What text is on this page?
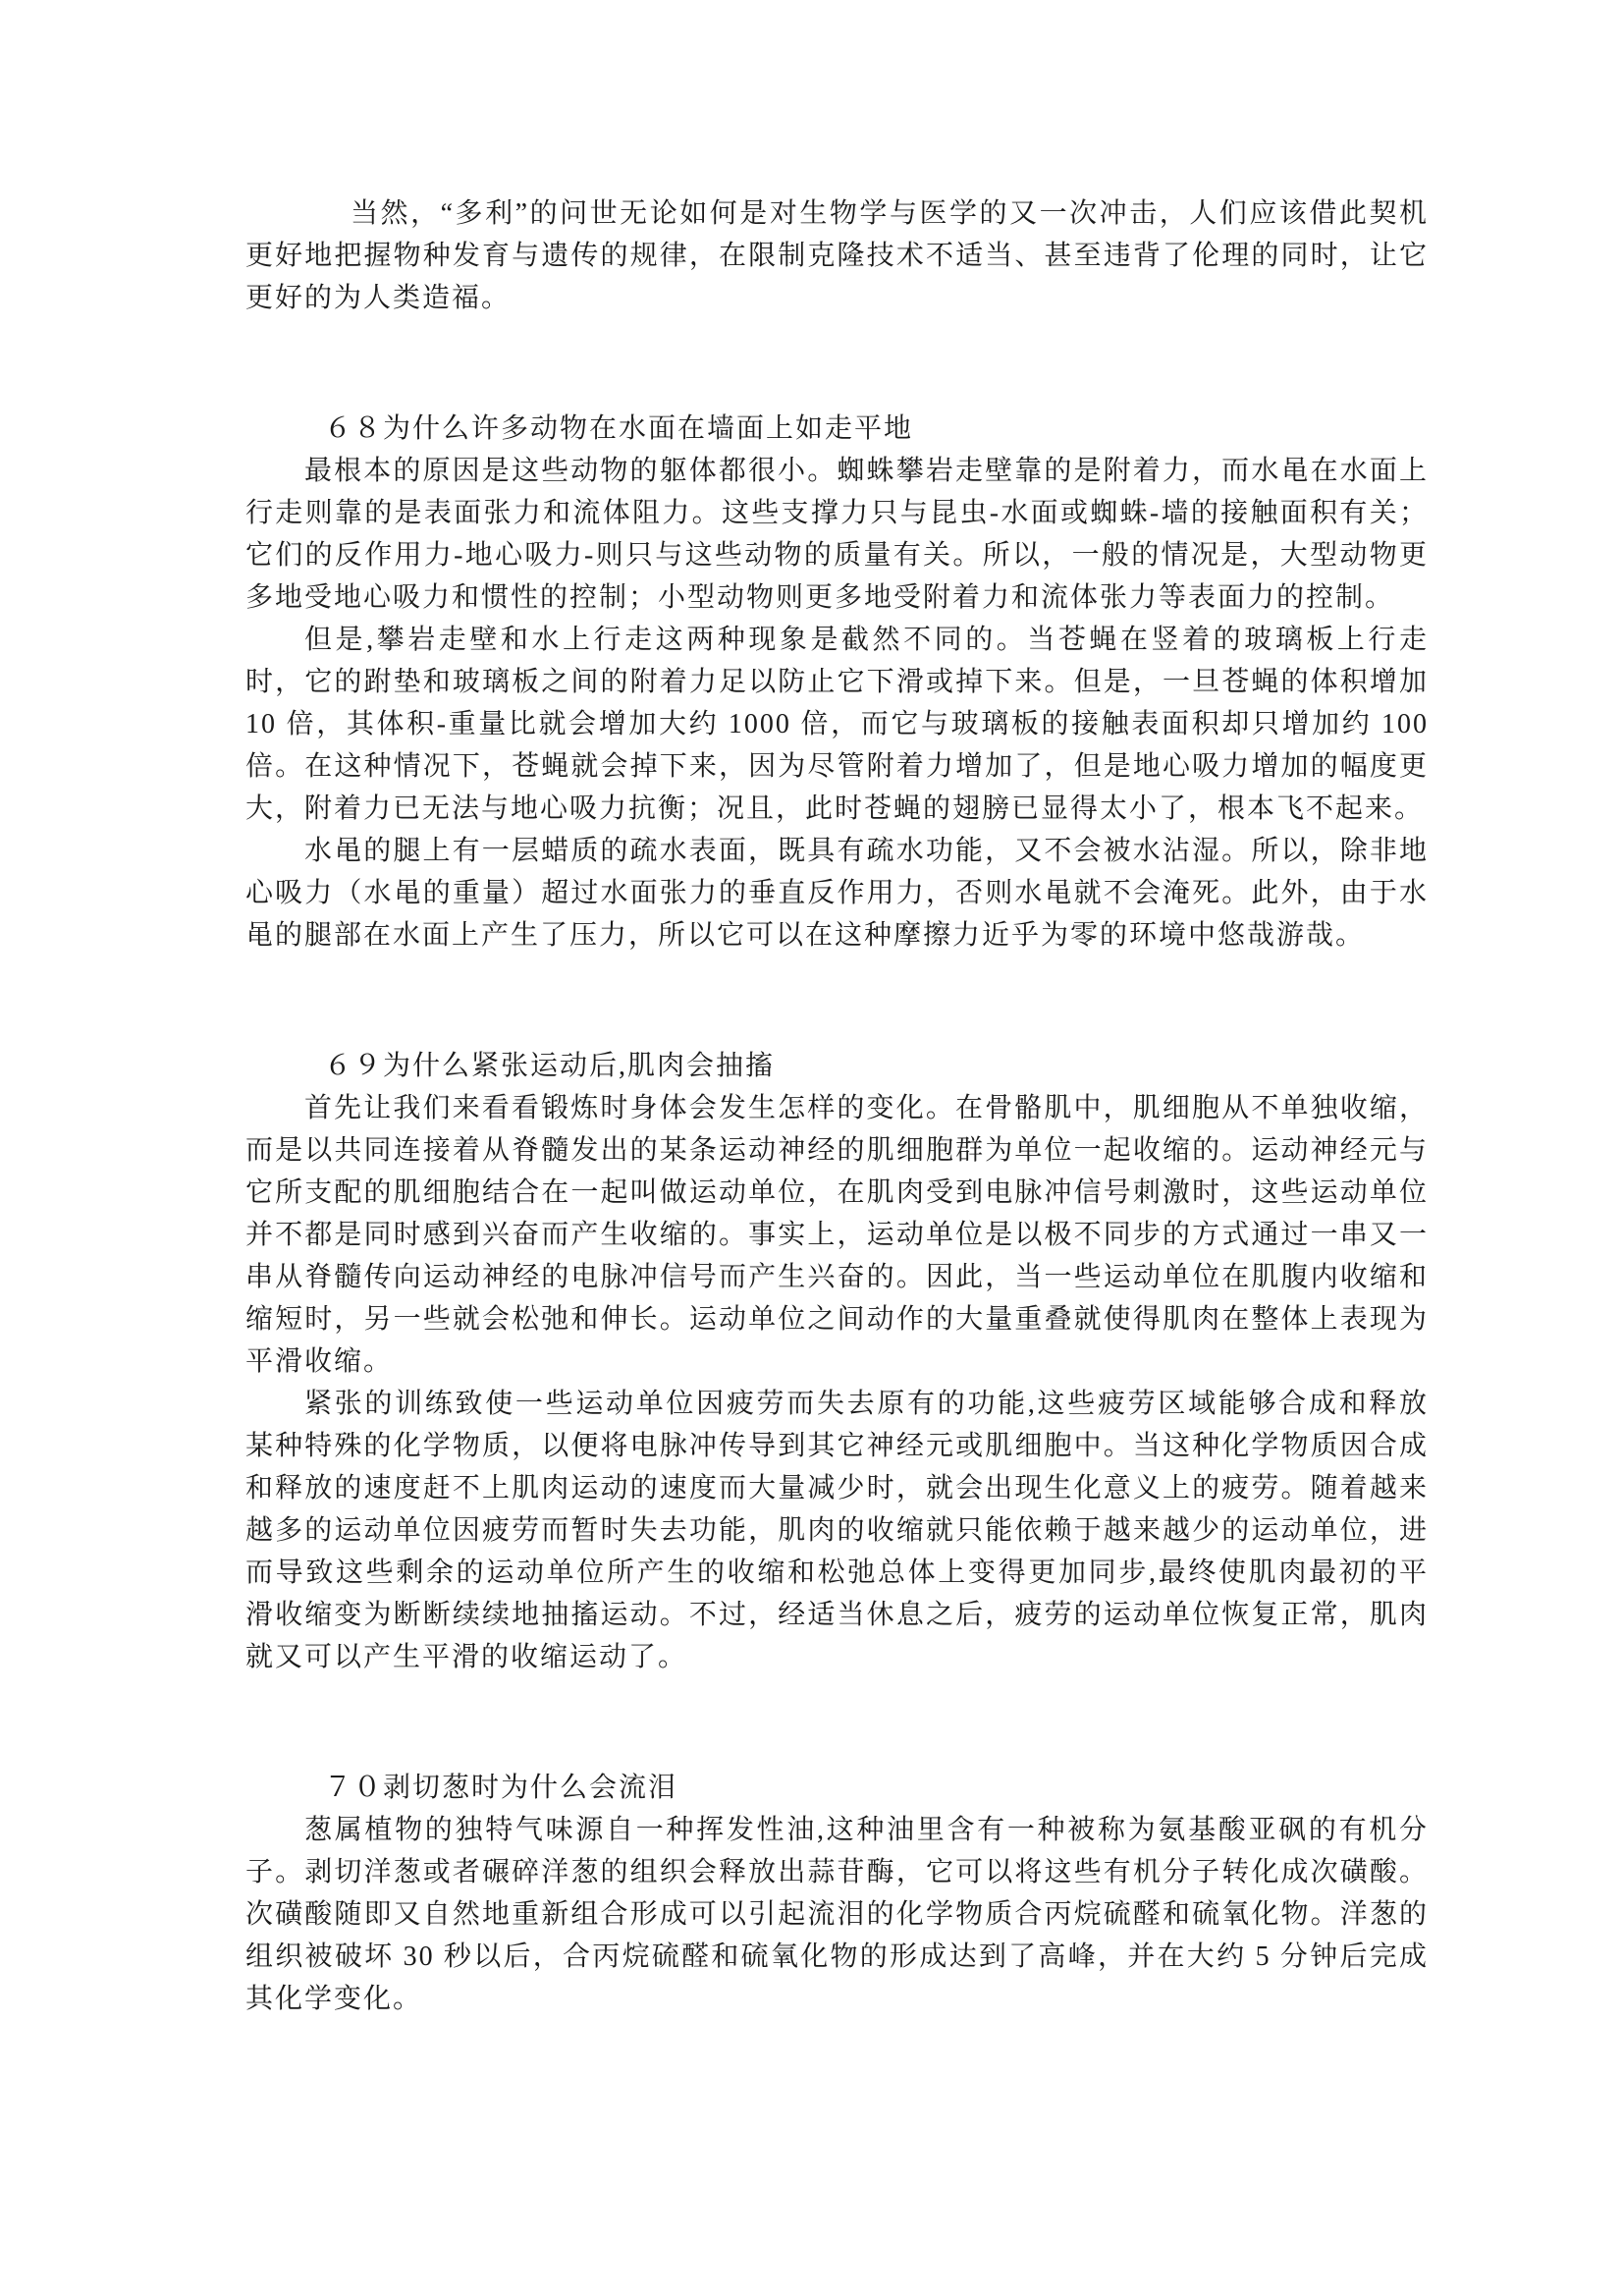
当然，“多利”的问世无论如何是对生物学与医学的又一次冲击，人们应该借此契机更好地把握物种发育与遗传的规律，在限制克隆技术不适当、甚至违背了伦理的同时，让它更好的为人类造福。

６８为什么许多动物在水面在墙面上如走平地

最根本的原因是这些动物的躯体都很小。蜘蛛攀岩走壁靠的是附着力，而水黾在水面上行走则靠的是表面张力和流体阻力。这些支撑力只与昆虫-水面或蜘蛛-墙的接触面积有关；它们的反作用力-地心吸力-则只与这些动物的质量有关。所以，一般的情况是，大型动物更多地受地心吸力和惯性的控制；小型动物则更多地受附着力和流体张力等表面力的控制。

但是,攀岩走壁和水上行走这两种现象是截然不同的。当苍蝇在竖着的玻璃板上行走时，它的跗垫和玻璃板之间的附着力足以防止它下滑或掉下来。但是，一旦苍蝇的体积增加 10 倍，其体积-重量比就会增加大约 1000 倍，而它与玻璃板的接触表面积却只增加约 100 倍。在这种情况下，苍蝇就会掉下来，因为尽管附着力增加了，但是地心吸力增加的幅度更大，附着力已无法与地心吸力抗衡；况且，此时苍蝇的翅膀已显得太小了，根本飞不起来。

水黾的腿上有一层蜡质的疏水表面，既具有疏水功能，又不会被水沾湿。所以，除非地心吸力（水黾的重量）超过水面张力的垂直反作用力，否则水黾就不会淹死。此外，由于水黾的腿部在水面上产生了压力，所以它可以在这种摩擦力近乎为零的环境中悠哉游哉。

６９为什么紧张运动后,肌肉会抽搐

首先让我们来看看锻炼时身体会发生怎样的变化。在骨骼肌中，肌细胞从不单独收缩，而是以共同连接着从脊髓发出的某条运动神经的肌细胞群为单位一起收缩的。运动神经元与它所支配的肌细胞结合在一起叫做运动单位，在肌肉受到电脉冲信号刺激时，这些运动单位并不都是同时感到兴奋而产生收缩的。事实上，运动单位是以极不同步的方式通过一串又一串从脊髓传向运动神经的电脉冲信号而产生兴奋的。因此，当一些运动单位在肌腹内收缩和缩短时，另一些就会松弛和伸长。运动单位之间动作的大量重叠就使得肌肉在整体上表现为平滑收缩。

紧张的训练致使一些运动单位因疲劳而失去原有的功能,这些疲劳区域能够合成和释放某种特殊的化学物质，以便将电脉冲传导到其它神经元或肌细胞中。当这种化学物质因合成和释放的速度赶不上肌肉运动的速度而大量减少时，就会出现生化意义上的疲劳。随着越来越多的运动单位因疲劳而暂时失去功能，肌肉的收缩就只能依赖于越来越少的运动单位，进而导致这些剩余的运动单位所产生的收缩和松弛总体上变得更加同步,最终使肌肉最初的平滑收缩变为断断续续地抽搐运动。不过，经适当休息之后，疲劳的运动单位恢复正常，肌肉就又可以产生平滑的收缩运动了。

７０剥切葱时为什么会流泪

葱属植物的独特气味源自一种挥发性油,这种油里含有一种被称为氨基酸亚砜的有机分子。剥切洋葱或者碾碎洋葱的组织会释放出蒜苷酶，它可以将这些有机分子转化成次磺酸。次磺酸随即又自然地重新组合形成可以引起流泪的化学物质合丙烷硫醛和硫氧化物。洋葱的组织被破坏 30 秒以后，合丙烷硫醛和硫氧化物的形成达到了高峰，并在大约 5 分钟后完成其化学变化。
